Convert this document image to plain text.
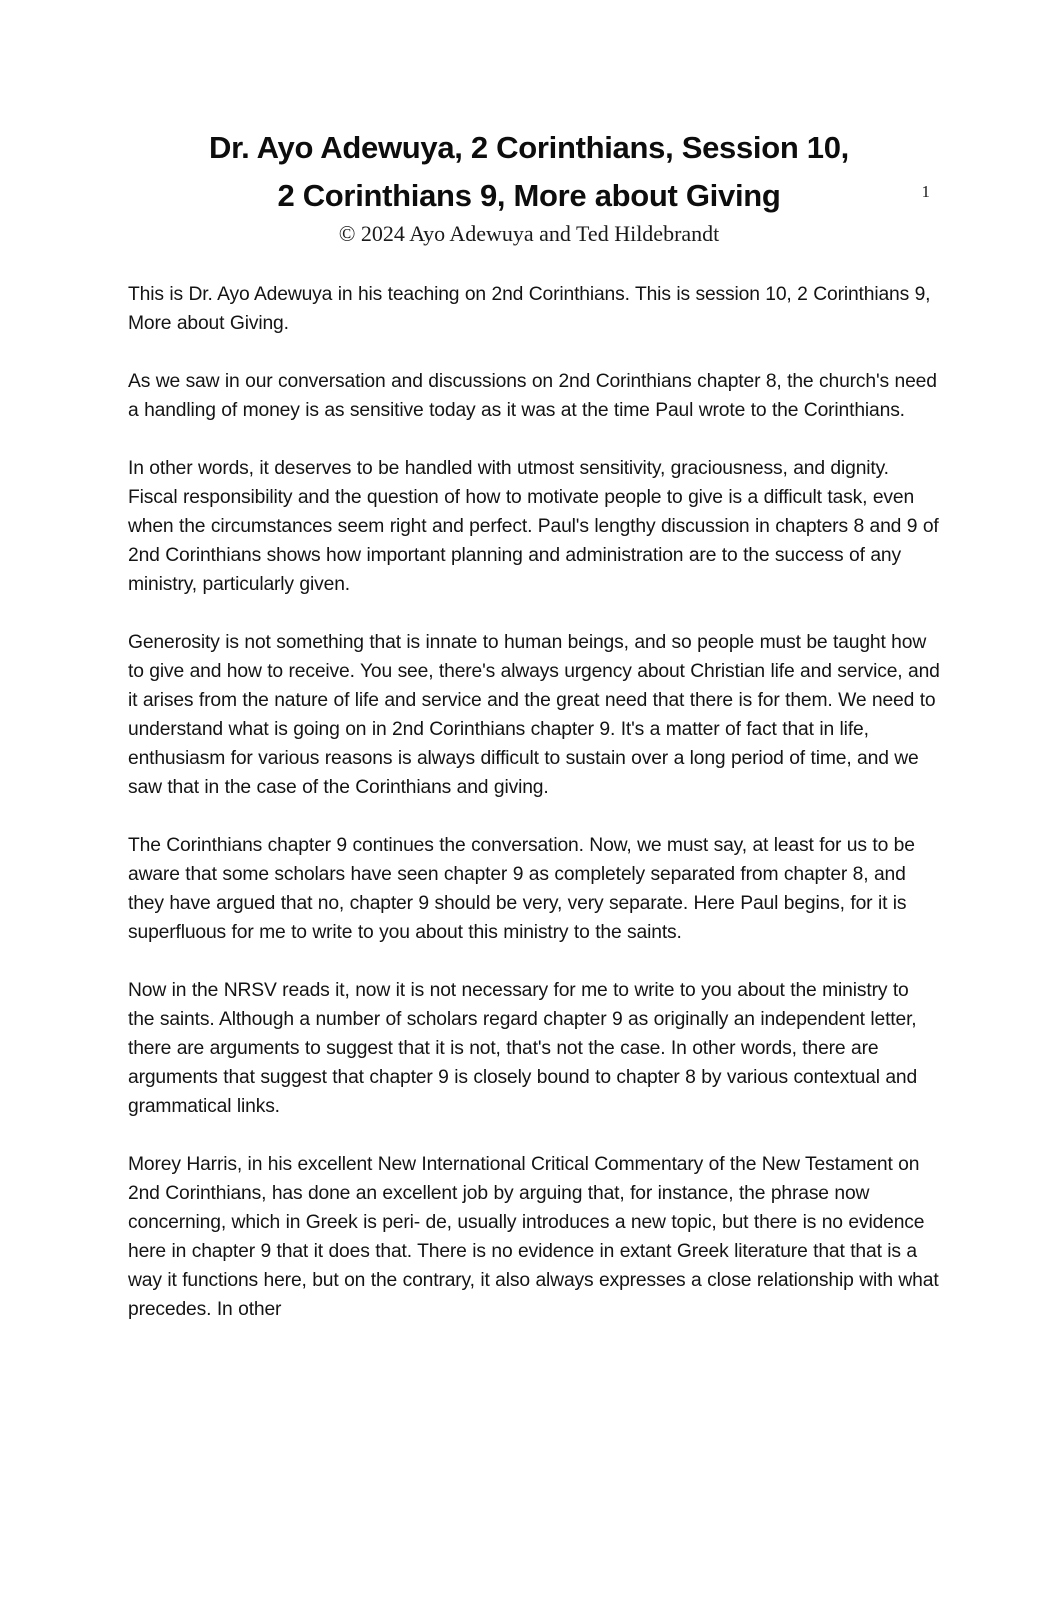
1
Dr. Ayo Adewuya, 2 Corinthians, Session 10,
2 Corinthians 9, More about Giving
© 2024 Ayo Adewuya and Ted Hildebrandt

This is Dr. Ayo Adewuya in his teaching on 2nd Corinthians. This is session 10, 2 Corinthians 9, More about Giving.

As we saw in our conversation and discussions on 2nd Corinthians chapter 8, the church's need a handling of money is as sensitive today as it was at the time Paul wrote to the Corinthians.

In other words, it deserves to be handled with utmost sensitivity, graciousness, and dignity. Fiscal responsibility and the question of how to motivate people to give is a difficult task, even when the circumstances seem right and perfect. Paul's lengthy discussion in chapters 8 and 9 of 2nd Corinthians shows how important planning and administration are to the success of any ministry, particularly given.

Generosity is not something that is innate to human beings, and so people must be taught how to give and how to receive. You see, there's always urgency about Christian life and service, and it arises from the nature of life and service and the great need that there is for them. We need to understand what is going on in 2nd Corinthians chapter 9. It's a matter of fact that in life, enthusiasm for various reasons is always difficult to sustain over a long period of time, and we saw that in the case of the Corinthians and giving.

The Corinthians chapter 9 continues the conversation. Now, we must say, at least for us to be aware that some scholars have seen chapter 9 as completely separated from chapter 8, and they have argued that no, chapter 9 should be very, very separate. Here Paul begins, for it is superfluous for me to write to you about this ministry to the saints.

Now in the NRSV reads it, now it is not necessary for me to write to you about the ministry to the saints. Although a number of scholars regard chapter 9 as originally an independent letter, there are arguments to suggest that it is not, that's not the case. In other words, there are arguments that suggest that chapter 9 is closely bound to chapter 8 by various contextual and grammatical links.

Morey Harris, in his excellent New International Critical Commentary of the New Testament on 2nd Corinthians, has done an excellent job by arguing that, for instance, the phrase now concerning, which in Greek is peri- de, usually introduces a new topic, but there is no evidence here in chapter 9 that it does that. There is no evidence in extant Greek literature that that is a way it functions here, but on the contrary, it also always expresses a close relationship with what precedes. In other
